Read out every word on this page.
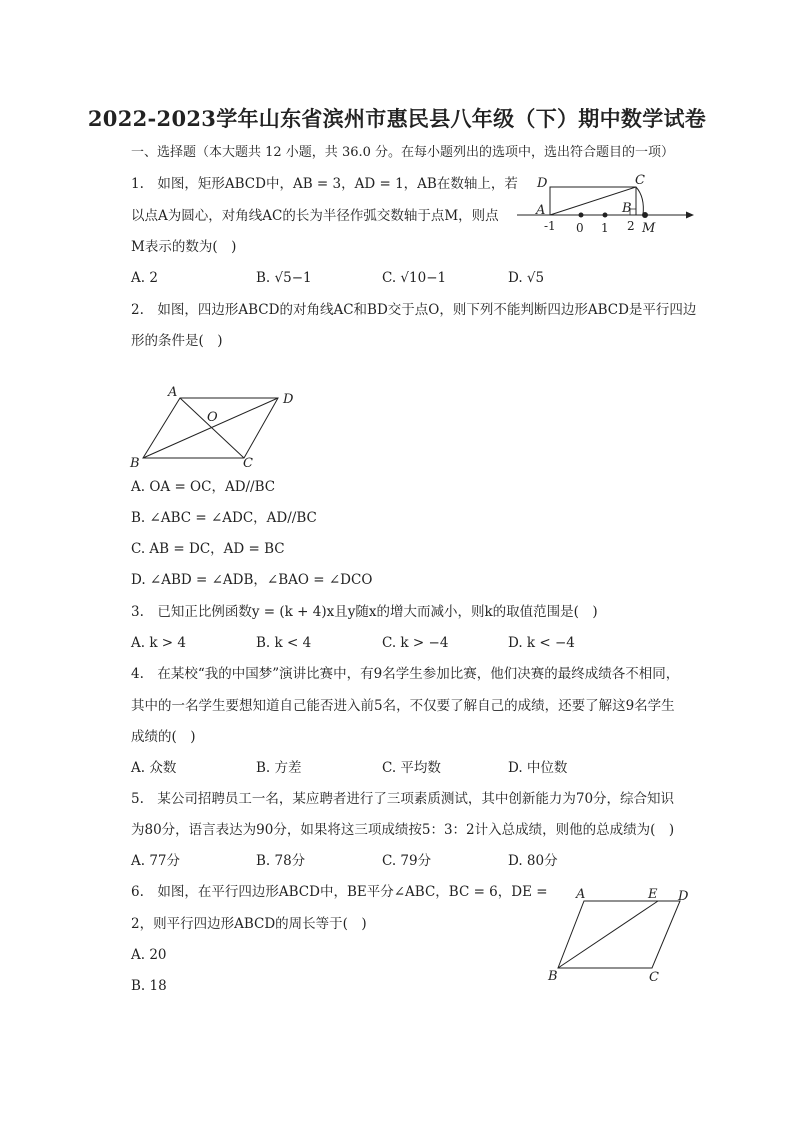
2022-2023学年山东省滨州市惠民县八年级（下）期中数学试卷
一、选择题（本大题共 12 小题，共 36.0 分。在每小题列出的选项中，选出符合题目的一项）
1.　如图，矩形ABCD中，AB = 3，AD = 1，AB在数轴上，若
以点A为圆心，对角线AC的长为半径作弧交数轴于点M，则点
M表示的数为(　)
A. 2	B. √5−1	C. √10−1	D. √5
D	C
A	B
M
-1 0 1 2
2.　如图，四边形ABCD的对角线AC和BD交于点O，则下列不能判断四边形ABCD是平行四边
形的条件是(　)
A	D
O
B	C
A. OA = OC，AD//BC
B. ∠ABC = ∠ADC，AD//BC
C. AB = DC，AD = BC
D. ∠ABD = ∠ADB，∠BAO = ∠DCO
3.　已知正比例函数y = (k + 4)x且y随x的增大而减小，则k的取值范围是(　)
A. k > 4	B. k < 4	C. k > −4	D. k < −4
4.　在某校“我的中国梦”演讲比赛中，有9名学生参加比赛，他们决赛的最终成绩各不相同，
其中的一名学生要想知道自己能否进入前5名，不仅要了解自己的成绩，还要了解这9名学生
成绩的(　)
A. 众数	B. 方差	C. 平均数	D. 中位数
5.　某公司招聘员工一名，某应聘者进行了三项素质测试，其中创新能力为70分，综合知识
为80分，语言表达为90分，如果将这三项成绩按5：3：2计入总成绩，则他的总成绩为(　)
A. 77分	B. 78分	C. 79分	D. 80分
6.　如图，在平行四边形ABCD中，BE平分∠ABC，BC = 6，DE =
2，则平行四边形ABCD的周长等于(　)
A. 20
B. 18
A	E D
B	C
